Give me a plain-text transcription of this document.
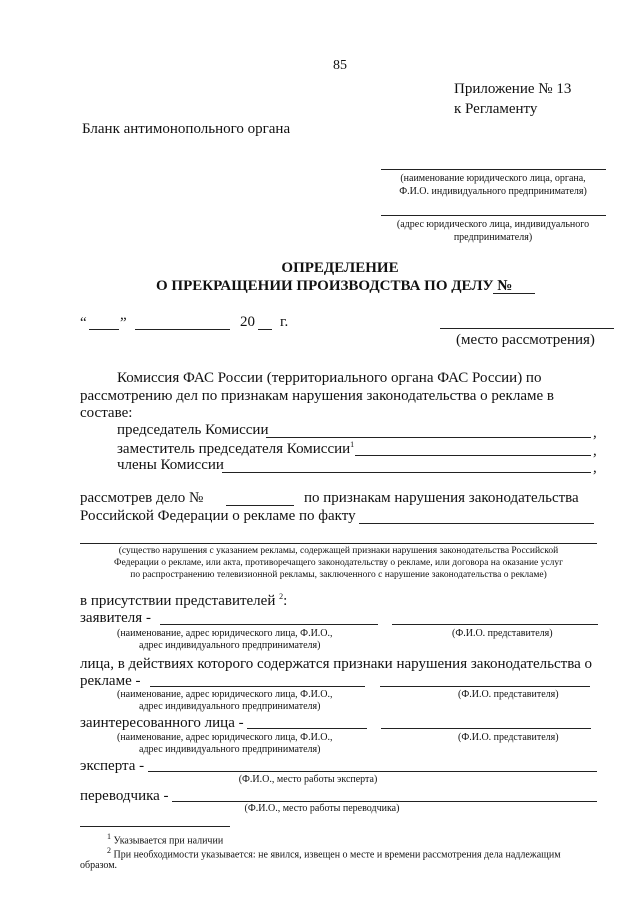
85
Приложение № 13
к Регламенту
Бланк антимонопольного органа
(наименование юридического лица, органа,
Ф.И.О. индивидуального предпринимателя)
(адрес юридического лица, индивидуального
предпринимателя)
ОПРЕДЕЛЕНИЕ
О ПРЕКРАЩЕНИИ ПРОИЗВОДСТВА ПО ДЕЛУ №
“ ”	20 г.
(место рассмотрения)
Комиссия ФАС России (территориального органа ФАС России) по
рассмотрению дел по признакам нарушения законодательства о рекламе в
составе:
председатель Комиссии	,
заместитель председателя Комиссии$^1$	,
члены Комиссии	,
рассмотрев дело №	по признакам нарушения законодательства
Российской Федерации о рекламе по факту
(существо нарушения с указанием рекламы, содержащей признаки нарушения законодательства Российской
Федерации о рекламе, или акта, противоречащего законодательству о рекламе, или договора на оказание услуг
по распространению телевизионной рекламы, заключенного с нарушение законодательства о рекламе)
в присутствии представителей $^2$:
заявителя -
(наименование, адрес юридического лица, Ф.И.О.,
адрес индивидуального предпринимателя)
(Ф.И.О. представителя)
лица, в действиях которого содержатся признаки нарушения законодательства о
рекламе -
(наименование, адрес юридического лица, Ф.И.О.,
адрес индивидуального предпринимателя)
(Ф.И.О. представителя)
заинтересованного лица -
(наименование, адрес юридического лица, Ф.И.О.,
адрес индивидуального предпринимателя)
(Ф.И.О. представителя)
эксперта -
(Ф.И.О., место работы эксперта)
переводчика -
(Ф.И.О., место работы переводчика)
$^1$ Указывается при наличии
$^2$ При необходимости указывается: не явился, извещен о месте и времени рассмотрения дела надлежащим
образом.
